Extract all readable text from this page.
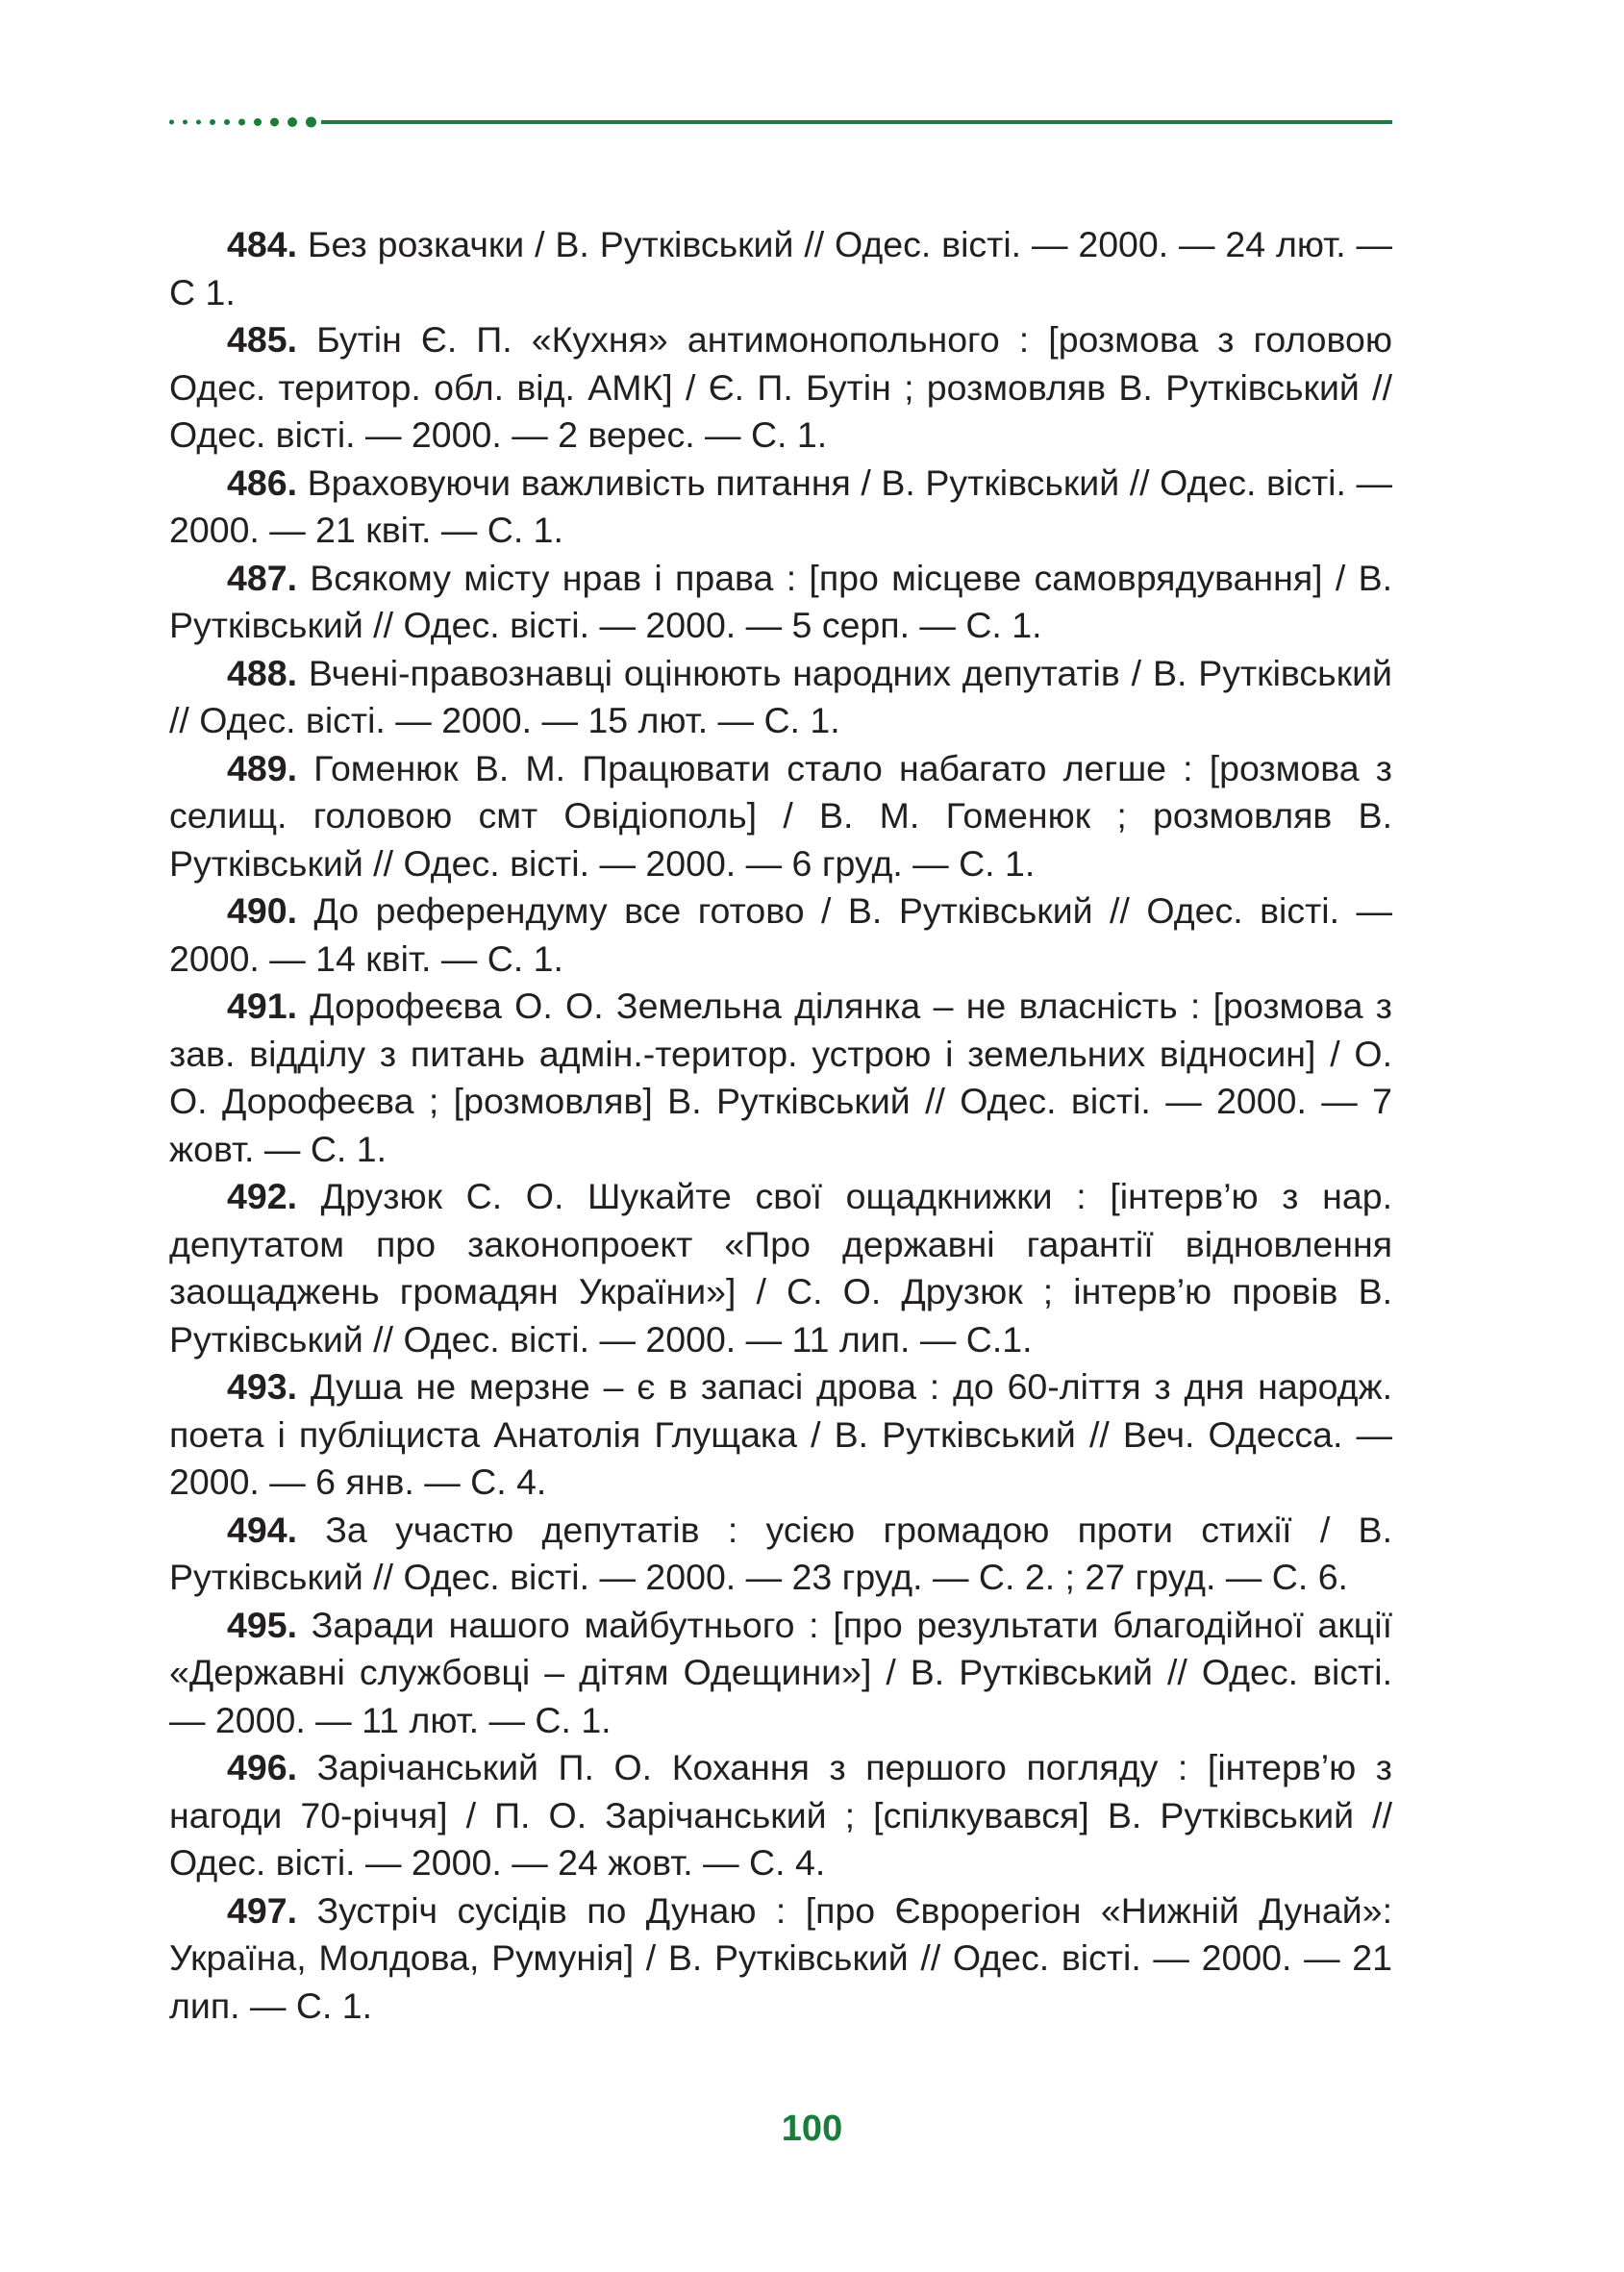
484. Без розкачки / В. Рутківський // Одес. вісті. — 2000. — 24 лют. — С 1.

485. Бутін Є. П. «Кухня» антимонопольного : [розмова з головою Одес. територ. обл. від. АМК] / Є. П. Бутін ; розмовляв В. Рутківський // Одес. вісті. — 2000. — 2 верес. — С. 1.

486. Враховуючи важливість питання / В. Рутківський // Одес. вісті. — 2000. — 21 квіт. — С. 1.

487. Всякому місту нрав і права : [про місцеве самоврядування] / В. Рутківський // Одес. вісті. — 2000. — 5 серп. — С. 1.

488. Вчені-правознавці оцінюють народних депутатів / В. Рутківський // Одес. вісті. — 2000. — 15 лют. — С. 1.

489. Гоменюк В. М. Працювати стало набагато легше : [розмова з селищ. головою смт Овідіополь] / В. М. Гоменюк ; розмовляв В. Рутківський // Одес. вісті. — 2000. — 6 груд. — С. 1.

490. До референдуму все готово / В. Рутківський // Одес. вісті. — 2000. — 14 квіт. — С. 1.

491. Дорофеєва О. О. Земельна ділянка – не власність : [розмова з зав. відділу з питань адмін.-територ. устрою і земельних відносин] / О. О. Дорофеєва ; [розмовляв] В. Рутківський // Одес. вісті. — 2000. — 7 жовт. — С. 1.

492. Друзюк С. О. Шукайте свої ощадкнижки : [інтерв’ю з нар. депутатом про законопроект «Про державні гарантії відновлення заощаджень громадян України»] / С. О. Друзюк ; інтерв’ю провів В. Рутківський // Одес. вісті. — 2000. — 11 лип. — С.1.

493. Душа не мерзне – є в запасі дрова : до 60-ліття з дня народж. поета і публіциста Анатолія Глущака / В. Рутківський // Веч. Одесса. — 2000. — 6 янв. — С. 4.

494. За участю депутатів : усією громадою проти стихії / В. Рутківський // Одес. вісті. — 2000. — 23 груд. — С. 2. ; 27 груд. — С. 6.

495. Заради нашого майбутнього : [про результати благодійної акції «Державні службовці – дітям Одещини»] / В. Рутківський // Одес. вісті. — 2000. — 11 лют. — С. 1.

496. Зарічанський П. О. Кохання з першого погляду : [інтерв’ю з нагоди 70-річчя] / П. О. Зарічанський ; [спілкувався] В. Рутківський // Одес. вісті. — 2000. — 24 жовт. — С. 4.

497. Зустріч сусідів по Дунаю : [про Єврорегіон «Нижній Дунай»: Україна, Молдова, Румунія] / В. Рутківський // Одес. вісті. — 2000. — 21 лип. — С. 1.

100
